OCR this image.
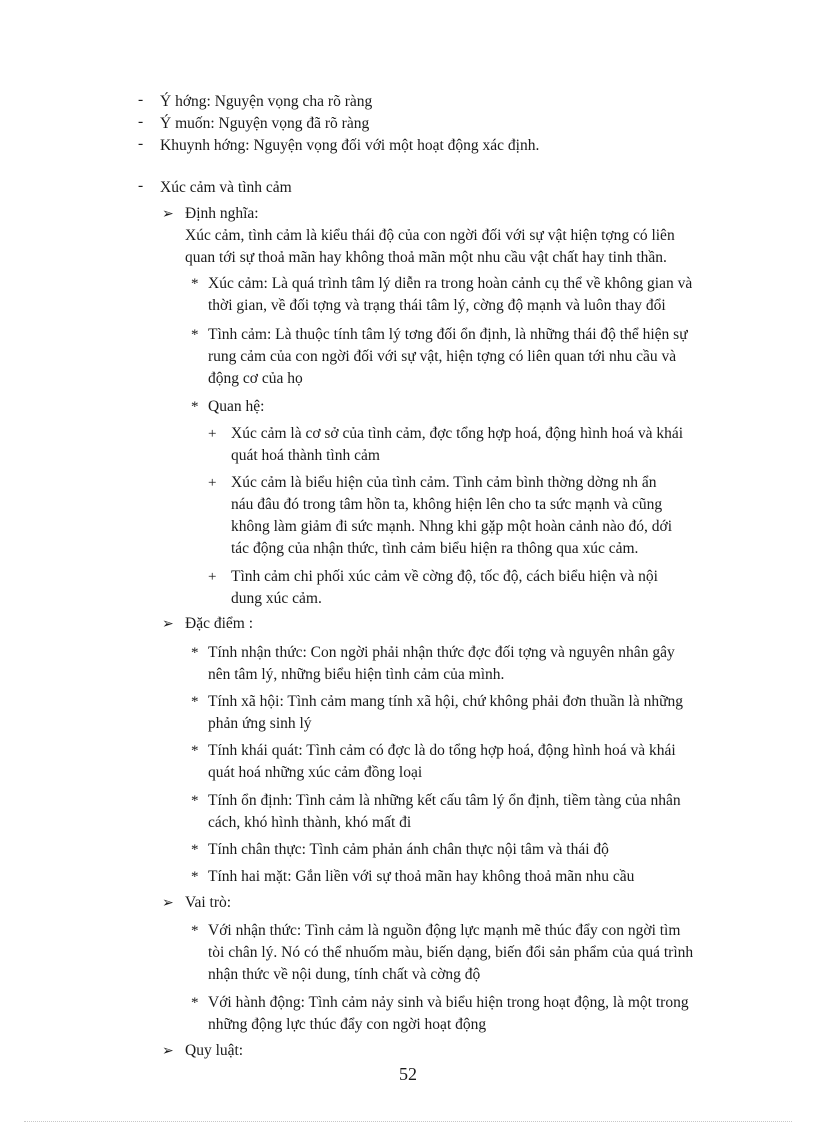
- Ý hớng: Nguyện vọng cha rõ ràng
- Ý muốn: Nguyện vọng đã rõ ràng
- Khuynh hớng: Nguyện vọng đối với một hoạt động xác định.
- Xúc cảm và tình cảm
➢ Định nghĩa:
Xúc cảm, tình cảm là kiểu thái độ của con ngời đối với sự vật hiện tợng có liên
quan tới sự thoả mãn hay không thoả mãn một nhu cầu vật chất hay tinh thần.
* Xúc cảm: Là quá trình tâm lý diễn ra trong hoàn cảnh cụ thể về không gian và
thời gian, về đối tợng và trạng thái tâm lý, cờng độ mạnh và luôn thay đổi
* Tình cảm: Là thuộc tính tâm lý tơng đối ổn định, là những thái độ thể hiện sự
rung cảm của con ngời đối với sự vật, hiện tợng có liên quan tới nhu cầu và
động cơ của họ
* Quan hệ:
+ Xúc cảm là cơ sở của tình cảm, đợc tổng hợp hoá, động hình hoá và khái
quát hoá thành tình cảm
+ Xúc cảm là biểu hiện của tình cảm. Tình cảm bình thờng dờng nh ẩn
náu đâu đó trong tâm hồn ta, không hiện lên cho ta sức mạnh và cũng
không làm giảm đi sức mạnh. Nhng khi gặp một hoàn cảnh nào đó, dới
tác động của nhận thức, tình cảm biểu hiện ra thông qua xúc cảm.
+ Tình cảm chi phối xúc cảm về cờng độ, tốc độ, cách biểu hiện và nội
dung xúc cảm.
➢ Đặc điểm :
* Tính nhận thức: Con ngời phải nhận thức đợc đối tợng và nguyên nhân gây
nên tâm lý, những biểu hiện tình cảm của mình.
* Tính xã hội: Tình cảm mang tính xã hội, chứ không phải đơn thuần là những
phản ứng sinh lý
* Tính khái quát: Tình cảm có đợc là do tổng hợp hoá, động hình hoá và khái
quát hoá những xúc cảm đồng loại
* Tính ổn định: Tình cảm là những kết cấu tâm lý ổn định, tiềm tàng của nhân
cách, khó hình thành, khó mất đi
* Tính chân thực: Tình cảm phản ánh chân thực nội tâm và thái độ
* Tính hai mặt: Gắn liền với sự thoả mãn hay không thoả mãn nhu cầu
➢ Vai trò:
* Với nhận thức: Tình cảm là nguồn động lực mạnh mẽ thúc đẩy con ngời tìm
tòi chân lý. Nó có thể nhuốm màu, biến dạng, biến đổi sản phẩm của quá trình
nhận thức về nội dung, tính chất và cờng độ
* Với hành động: Tình cảm nảy sinh và biểu hiện trong hoạt động, là một trong
những động lực thúc đẩy con ngời hoạt động
➢ Quy luật:
52
